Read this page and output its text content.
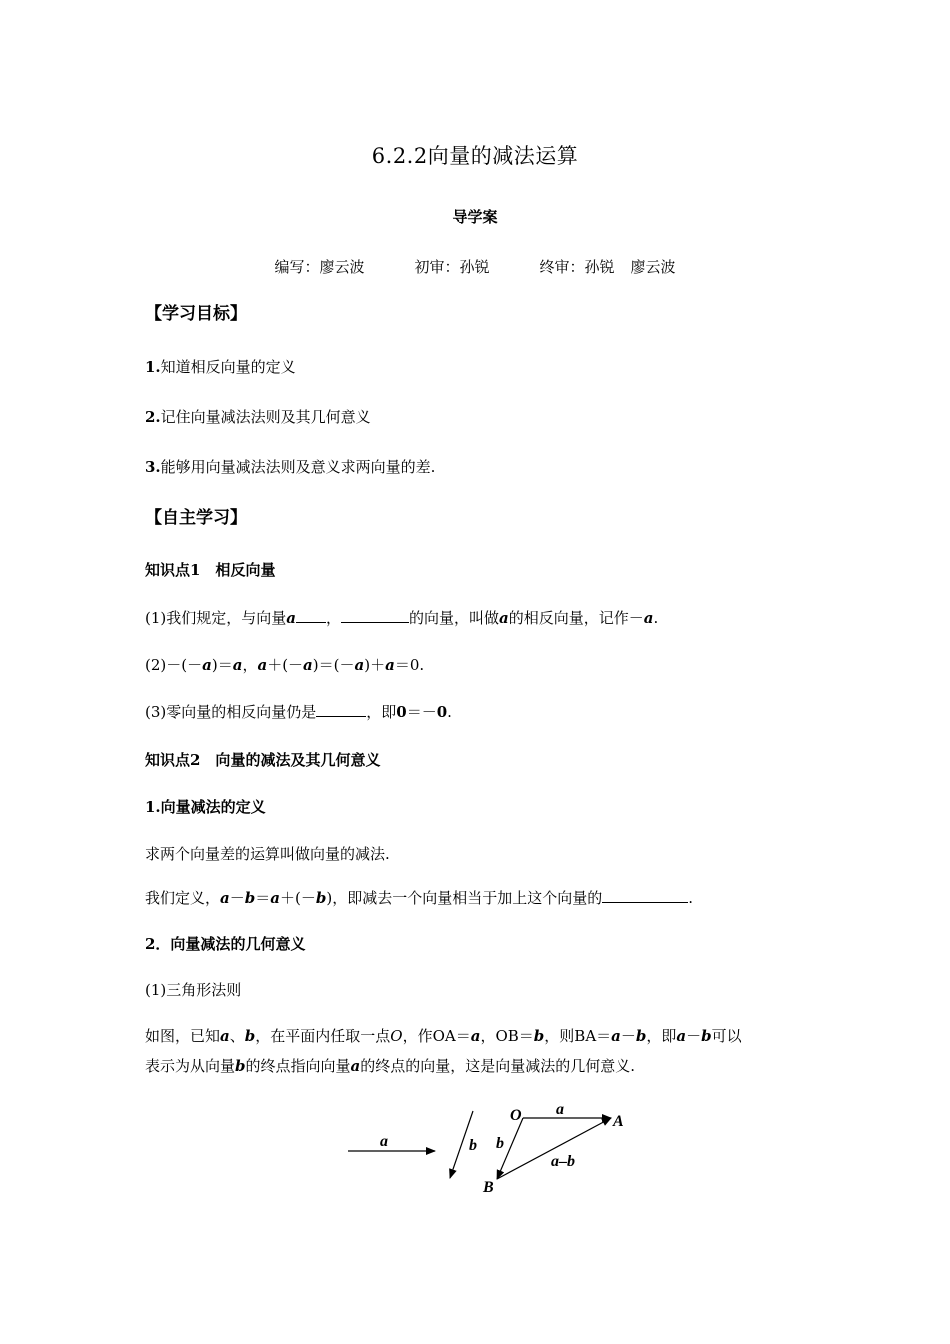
6.2.2向量的减法运算
导学案
编写：廖云波	初审：孙锐	终审：孙锐 廖云波
【学习目标】
1.知道相反向量的定义
2.记住向量减法法则及其几何意义
3.能够用向量减法法则及意义求两向量的差.
【自主学习】
知识点1　相反向量
(1)我们规定，与向量a ，	的向量，叫做a的相反向量，记作－a.
(2)－(－a)＝a，a＋(－a)＝(－a)＋a＝0.
(3)零向量的相反向量仍是	，即0＝－0.
知识点2　向量的减法及其几何意义
1.向量减法的定义
求两个向量差的运算叫做向量的减法.
我们定义，a－b＝a＋(－b)，即减去一个向量相当于加上这个向量的	.
2．向量减法的几何意义
(1)三角形法则
如图，已知a、b，在平面内任取一点O，作OA＝a，OB＝b，则BA＝a－b，即a－b可以
表示为从向量b的终点指向向量a的终点的向量，这是向量减法的几何意义.
a	b
O	A
B
a
b
a–b
